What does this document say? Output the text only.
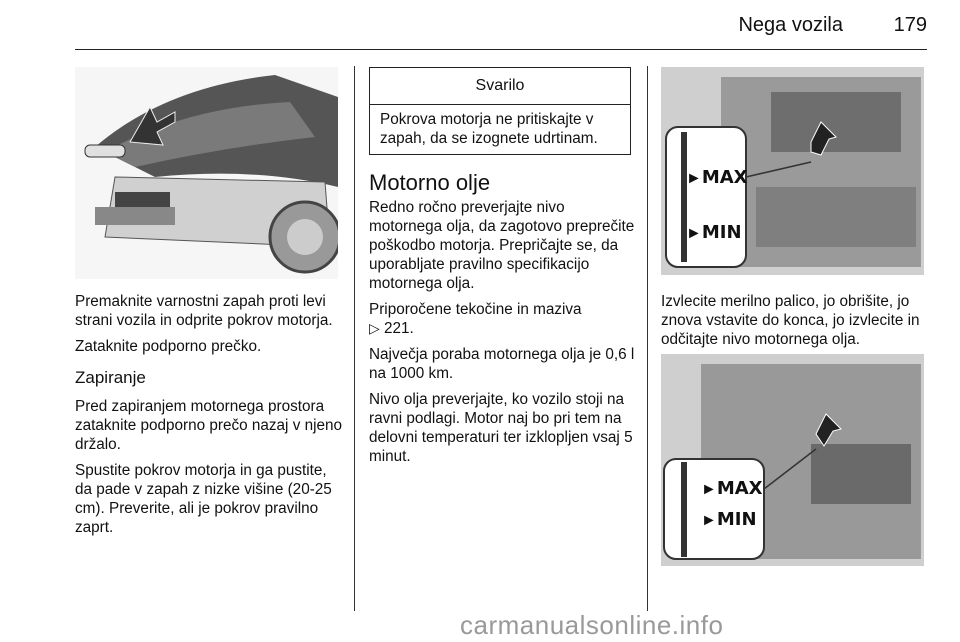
Nega vozila	179

Premaknite varnostni zapah proti levi strani vozila in odprite pokrov motorja.

Zataknite podporno prečko.

Zapiranje

Pred zapiranjem motornega prostora zataknite podporno prečo nazaj v njeno držalo.

Spustite pokrov motorja in ga pustite, da pade v zapah z nizke višine (20-25 cm). Preverite, ali je pokrov pravilno zaprt.

Svarilo
Pokrova motorja ne pritiskajte v zapah, da se izognete udrtinam.
Motorno olje

Redno ročno preverjajte nivo motornega olja, da zagotovo preprečite poškodbo motorja. Prepričajte se, da uporabljate pravilno specifikacijo motornega olja.

Priporočene tekočine in maziva
▷ 221.

Največja poraba motornega olja je 0,6 l na 1000 km.

Nivo olja preverjajte, ko vozilo stoji na ravni podlagi. Motor naj bo pri tem na delovni temperaturi ter izklopljen vsaj 5 minut.

►MAX
►MIN

Izvlecite merilno palico, jo obrišite, jo znova vstavite do konca, jo izvlecite in odčitajte nivo motornega olja.

►MAX
►MIN
carmanualsonline.info
